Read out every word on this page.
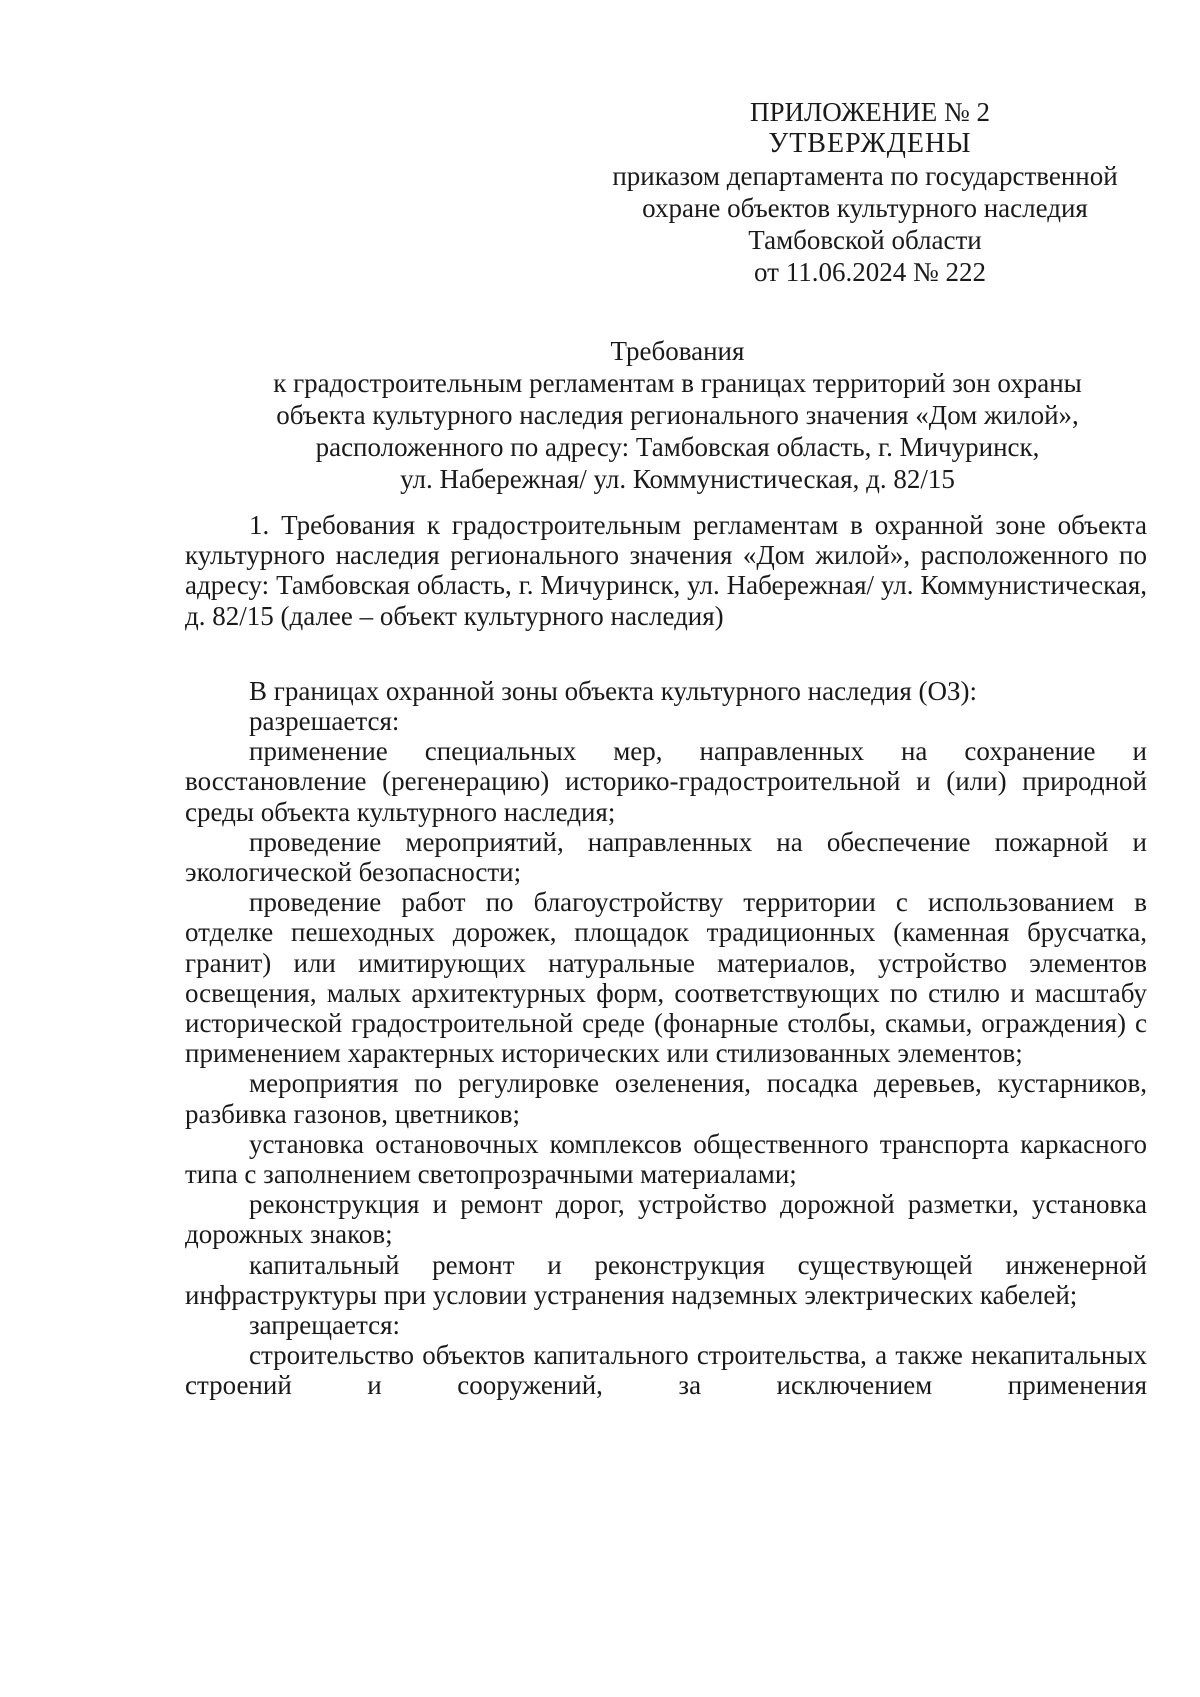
ПРИЛОЖЕНИЕ № 2
УТВЕРЖДЕНЫ
приказом департамента по государственной
охране объектов культурного наследия
Тамбовской области
от 11.06.2024 № 222
Требования
к градостроительным регламентам в границах территорий зон охраны
объекта культурного наследия регионального значения «Дом жилой»,
расположенного по адресу: Тамбовская область, г. Мичуринск,
ул. Набережная/ ул. Коммунистическая, д. 82/15

1. Требования к градостроительным регламентам в охранной зоне объекта культурного наследия регионального значения «Дом жилой», расположенного по адресу: Тамбовская область, г. Мичуринск, ул. Набережная/ ул. Коммунистическая, д. 82/15 (далее – объект культурного наследия)

В границах охранной зоны объекта культурного наследия (ОЗ):

разрешается:

применение специальных мер, направленных на сохранение и восстановление (регенерацию) историко-градостроительной и (или) природной среды объекта культурного наследия;

проведение мероприятий, направленных на обеспечение пожарной и экологической безопасности;

проведение работ по благоустройству территории с использованием в отделке пешеходных дорожек, площадок традиционных (каменная брусчатка, гранит) или имитирующих натуральные материалов, устройство элементов освещения, малых архитектурных форм, соответствующих по стилю и масштабу исторической градостроительной среде (фонарные столбы, скамьи, ограждения) с применением характерных исторических или стилизованных элементов;

мероприятия по регулировке озеленения, посадка деревьев, кустарников, разбивка газонов, цветников;

установка остановочных комплексов общественного транспорта каркасного типа с заполнением светопрозрачными материалами;

реконструкция и ремонт дорог, устройство дорожной разметки, установка дорожных знаков;

капитальный ремонт и реконструкция существующей инженерной инфраструктуры при условии устранения надземных электрических кабелей;

запрещается:

строительство объектов капитального строительства, а также некапитальных строений и сооружений, за исключением применения
